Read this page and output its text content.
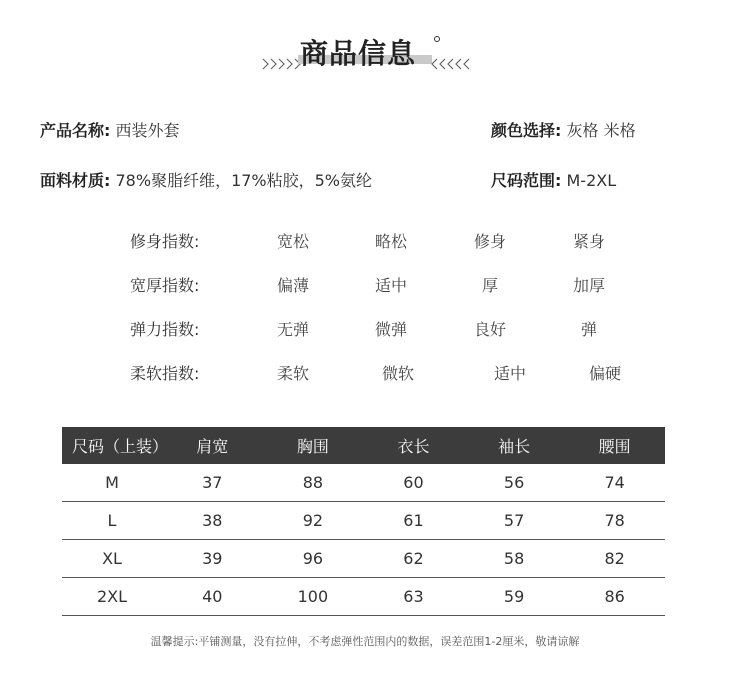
商品信息
产品名称: 西装外套	颜色选择: 灰格 米格
面料材质: 78%聚脂纤维，17%粘胶，5%氨纶	尺码范围: M-2XL
修身指数:	宽松	略松	修身	紧身
宽厚指数:	偏薄	适中	厚	加厚
弹力指数:	无弹	微弹	良好	弹
柔软指数:	柔软	微软	适中	偏硬
尺码（上装）	肩宽	胸围	衣长	袖长	腰围
M	37	88	60	56	74
L	38	92	61	57	78
XL	39	96	62	58	82
2XL	40	100	63	59	86
温馨提示:平铺测量，没有拉伸，不考虑弹性范围内的数据，误差范围1-2厘米，敬请谅解
